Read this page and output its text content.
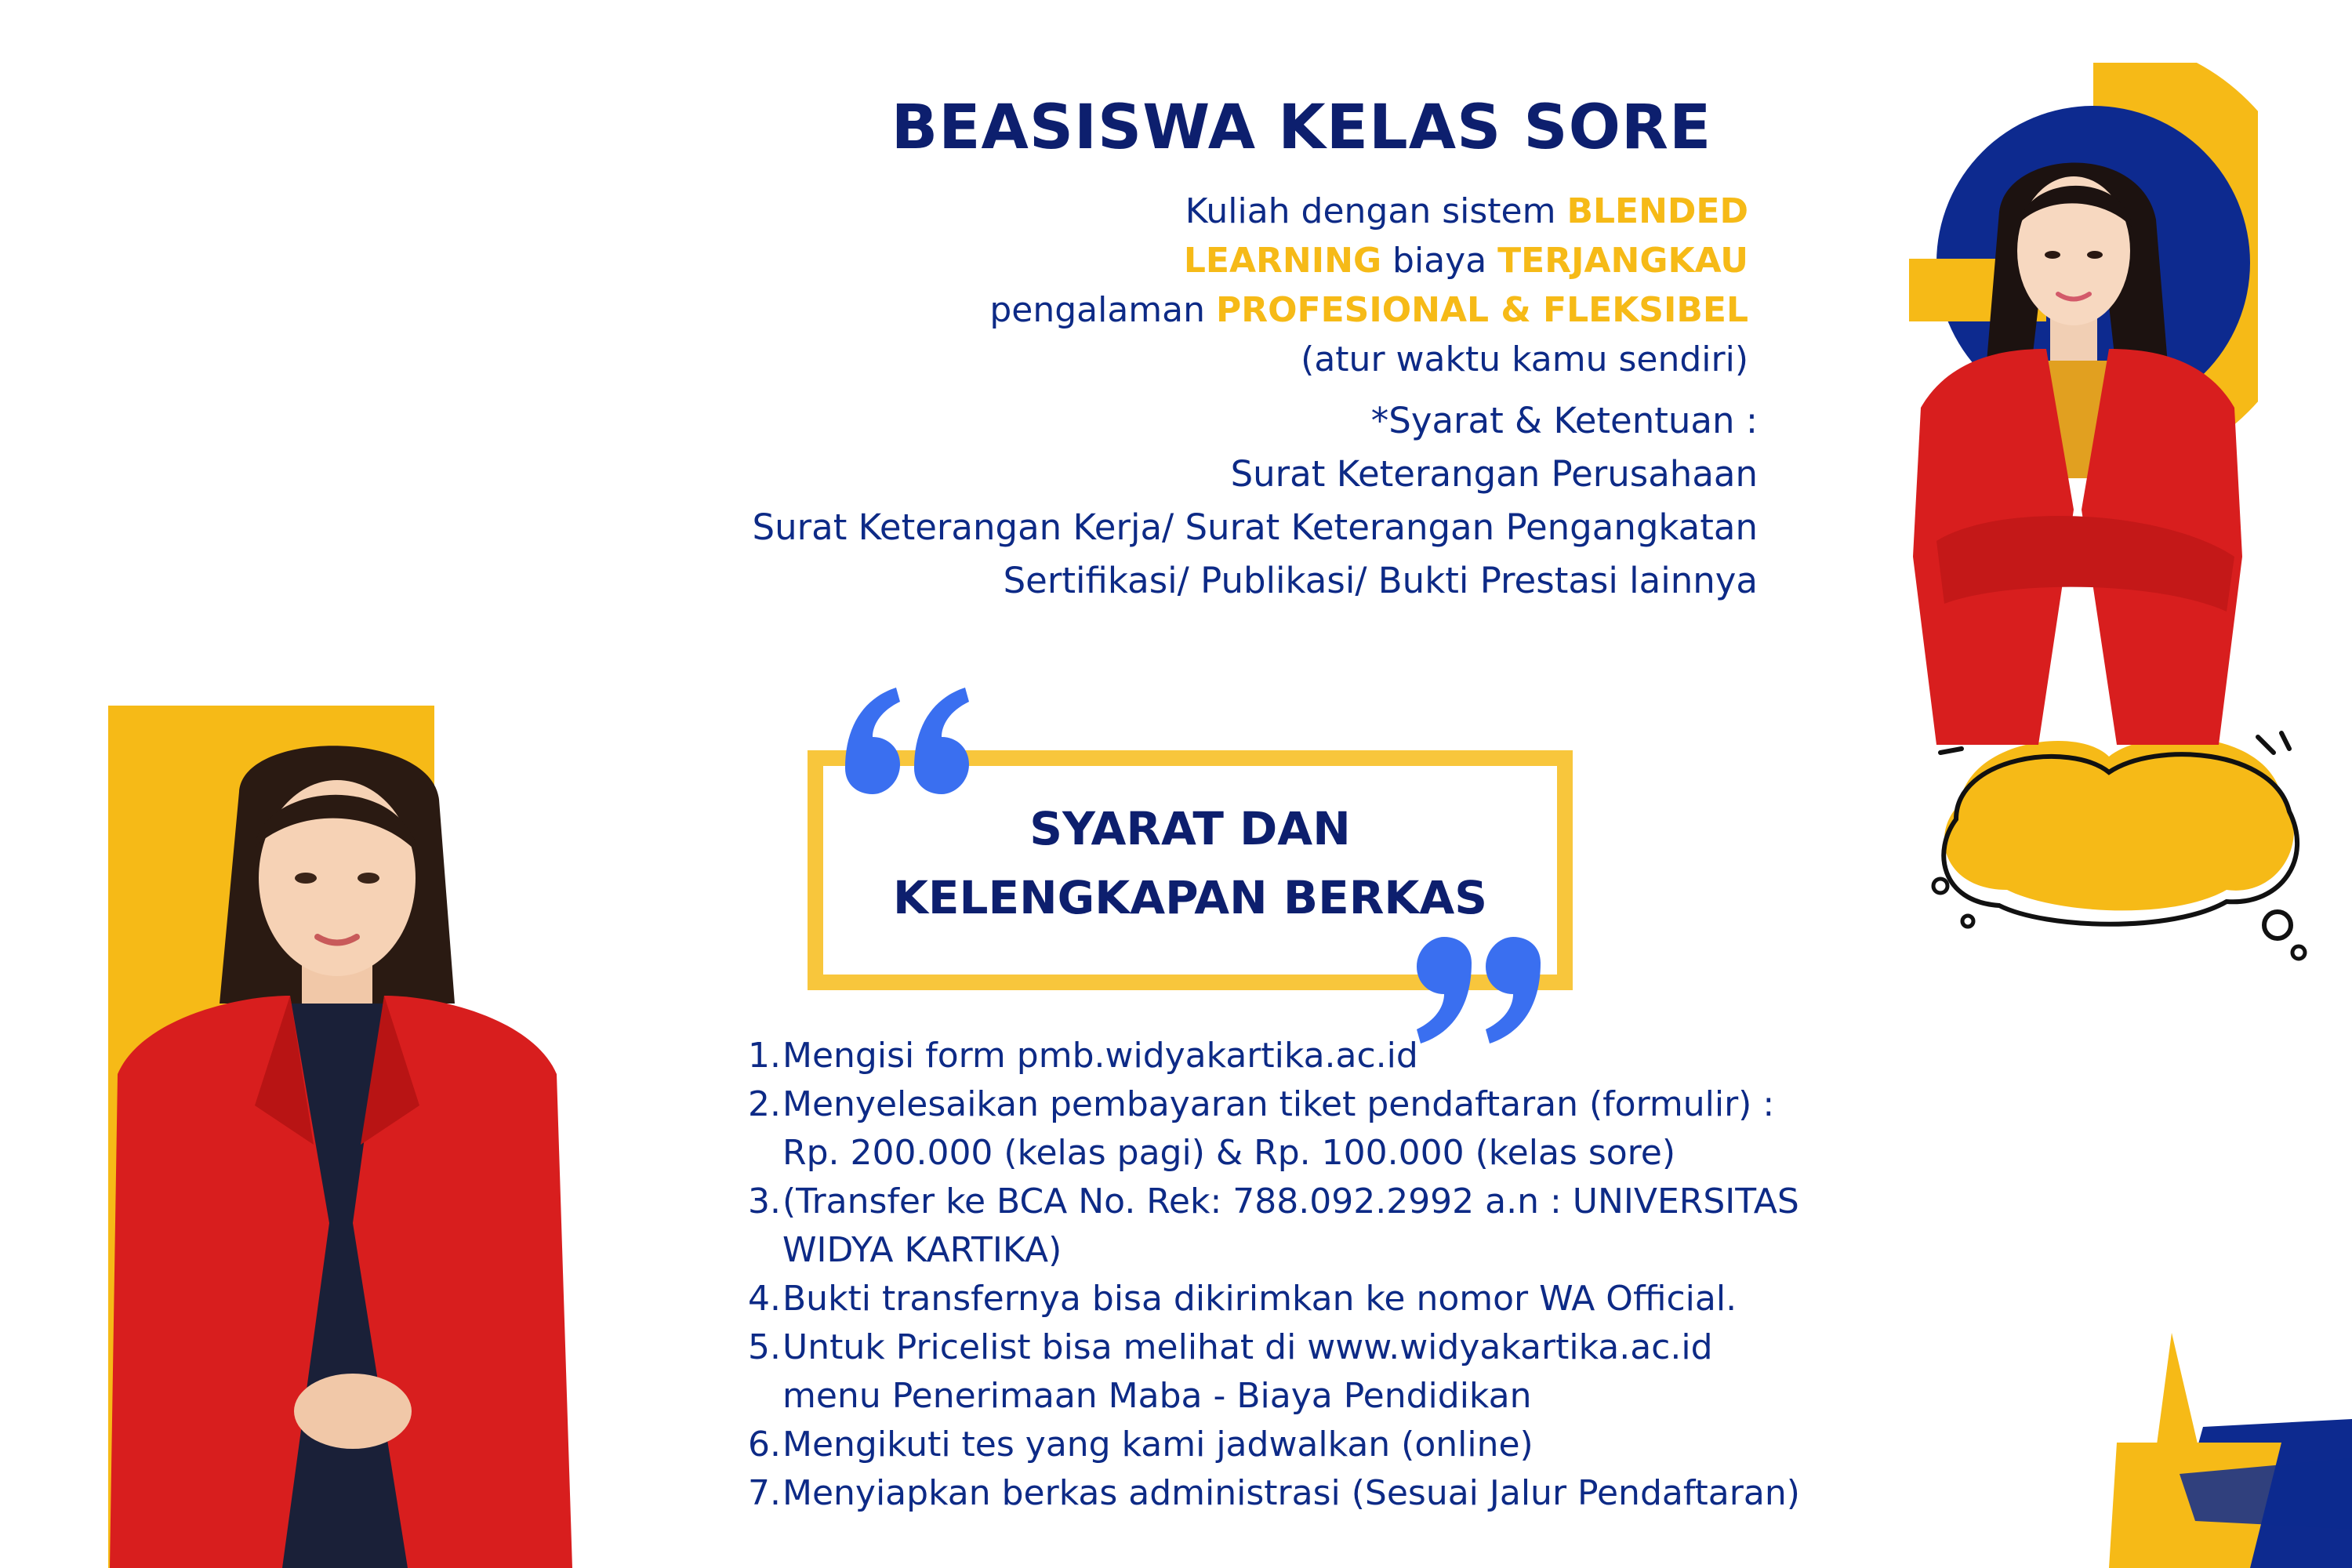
BEASISWA KELAS SORE
Kuliah dengan sistem BLENDED
LEARNING biaya TERJANGKAU
pengalaman PROFESIONAL & FLEKSIBEL
(atur waktu kamu sendiri)
*Syarat & Ketentuan :
Surat Keterangan Perusahaan
Surat Keterangan Kerja/ Surat Keterangan Pengangkatan
Sertifikasi/ Publikasi/ Bukti Prestasi lainnya
SYARAT DAN
KELENGKAPAN BERKAS
1. Mengisi form pmb.widyakartika.ac.id
2. Menyelesaikan pembayaran tiket pendaftaran (formulir) :
Rp. 200.000 (kelas pagi) & Rp. 100.000 (kelas sore)
3. (Transfer ke BCA No. Rek: 788.092.2992 a.n : UNIVERSITAS
WIDYA KARTIKA)
4. Bukti transfernya bisa dikirimkan ke nomor WA Official.
5. Untuk Pricelist bisa melihat di www.widyakartika.ac.id
menu Penerimaan Maba - Biaya Pendidikan
6. Mengikuti tes yang kami jadwalkan (online)
7. Menyiapkan berkas administrasi (Sesuai Jalur Pendaftaran)
